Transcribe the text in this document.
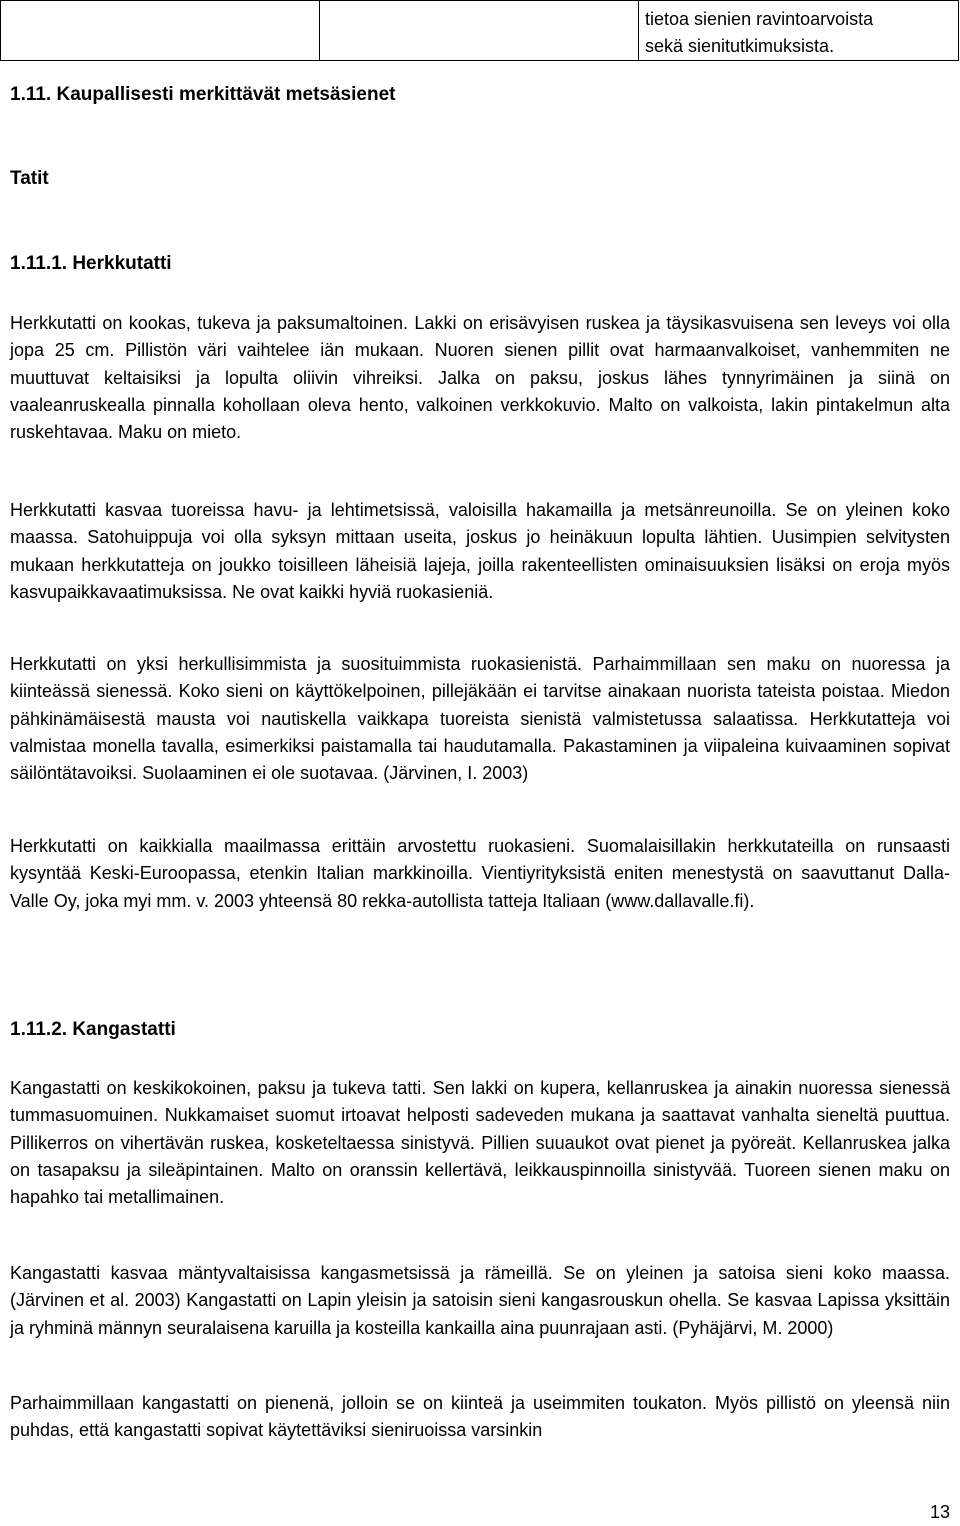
tietoa sienien ravintoarvoista
sekä sienitutkimuksista.
1.11. Kaupallisesti merkittävät metsäsienet
Tatit
1.11.1. Herkkutatti

Herkkutatti on kookas, tukeva ja paksumaltoinen. Lakki on erisävyisen ruskea ja täysikasvuisena sen leveys voi olla jopa 25 cm. Pillistön väri vaihtelee iän mukaan. Nuoren sienen pillit ovat harmaanvalkoiset, vanhemmiten ne muuttuvat keltaisiksi ja lopulta oliivin vihreiksi. Jalka on paksu, joskus lähes tynnyrimäinen ja siinä on vaaleanruskealla pinnalla kohollaan oleva hento, valkoinen verkkokuvio. Malto on valkoista, lakin pintakelmun alta ruskehtavaa. Maku on mieto.

Herkkutatti kasvaa tuoreissa havu- ja lehtimetsissä, valoisilla hakamailla ja metsänreunoilla. Se on yleinen koko maassa. Satohuippuja voi olla syksyn mittaan useita, joskus jo heinäkuun lopulta lähtien. Uusimpien selvitysten mukaan herkkutatteja on joukko toisilleen läheisiä lajeja, joilla rakenteellisten ominaisuuksien lisäksi on eroja myös kasvupaikkavaatimuksissa. Ne ovat kaikki hyviä ruokasieniä.

Herkkutatti on yksi herkullisimmista ja suosituimmista ruokasienistä. Parhaimmillaan sen maku on nuoressa ja kiinteässä sienessä. Koko sieni on käyttökelpoinen, pillejäkään ei tarvitse ainakaan nuorista tateista poistaa. Miedon pähkinämäisestä mausta voi nautiskella vaikkapa tuoreista sienistä valmistetussa salaatissa. Herkkutatteja voi valmistaa monella tavalla, esimerkiksi paistamalla tai haudutamalla. Pakastaminen ja viipaleina kuivaaminen sopivat säilöntätavoiksi. Suolaaminen ei ole suotavaa. (Järvinen, I. 2003)

Herkkutatti on kaikkialla maailmassa erittäin arvostettu ruokasieni. Suomalaisillakin herkkutateilla on runsaasti kysyntää Keski-Euroopassa, etenkin Italian markkinoilla. Vientiyrityksistä eniten menestystä on saavuttanut Dalla-Valle Oy, joka myi mm. v. 2003 yhteensä 80 rekka-autollista tatteja Italiaan (www.dallavalle.fi).

1.11.2. Kangastatti

Kangastatti on keskikokoinen, paksu ja tukeva tatti. Sen lakki on kupera, kellanruskea ja ainakin nuoressa sienessä tummasuomuinen. Nukkamaiset suomut irtoavat helposti sadeveden mukana ja saattavat vanhalta sieneltä puuttua. Pillikerros on vihertävän ruskea, kosketeltaessa sinistyvä. Pillien suuaukot ovat pienet ja pyöreät. Kellanruskea jalka on tasapaksu ja sileäpintainen. Malto on oranssin kellertävä, leikkauspinnoilla sinistyvää. Tuoreen sienen maku on hapahko tai metallimainen.

Kangastatti kasvaa mäntyvaltaisissa kangasmetsissä ja rämeillä. Se on yleinen ja satoisa sieni koko maassa. (Järvinen et al. 2003) Kangastatti on Lapin yleisin ja satoisin sieni kangasrouskun ohella. Se kasvaa Lapissa yksittäin ja ryhminä männyn seuralaisena karuilla ja kosteilla kankailla aina puunrajaan asti. (Pyhäjärvi, M. 2000)

Parhaimmillaan kangastatti on pienenä, jolloin se on kiinteä ja useimmiten toukaton. Myös pillistö on yleensä niin puhdas, että kangastatti sopivat käytettäviksi sieniruoissa varsinkin

13
